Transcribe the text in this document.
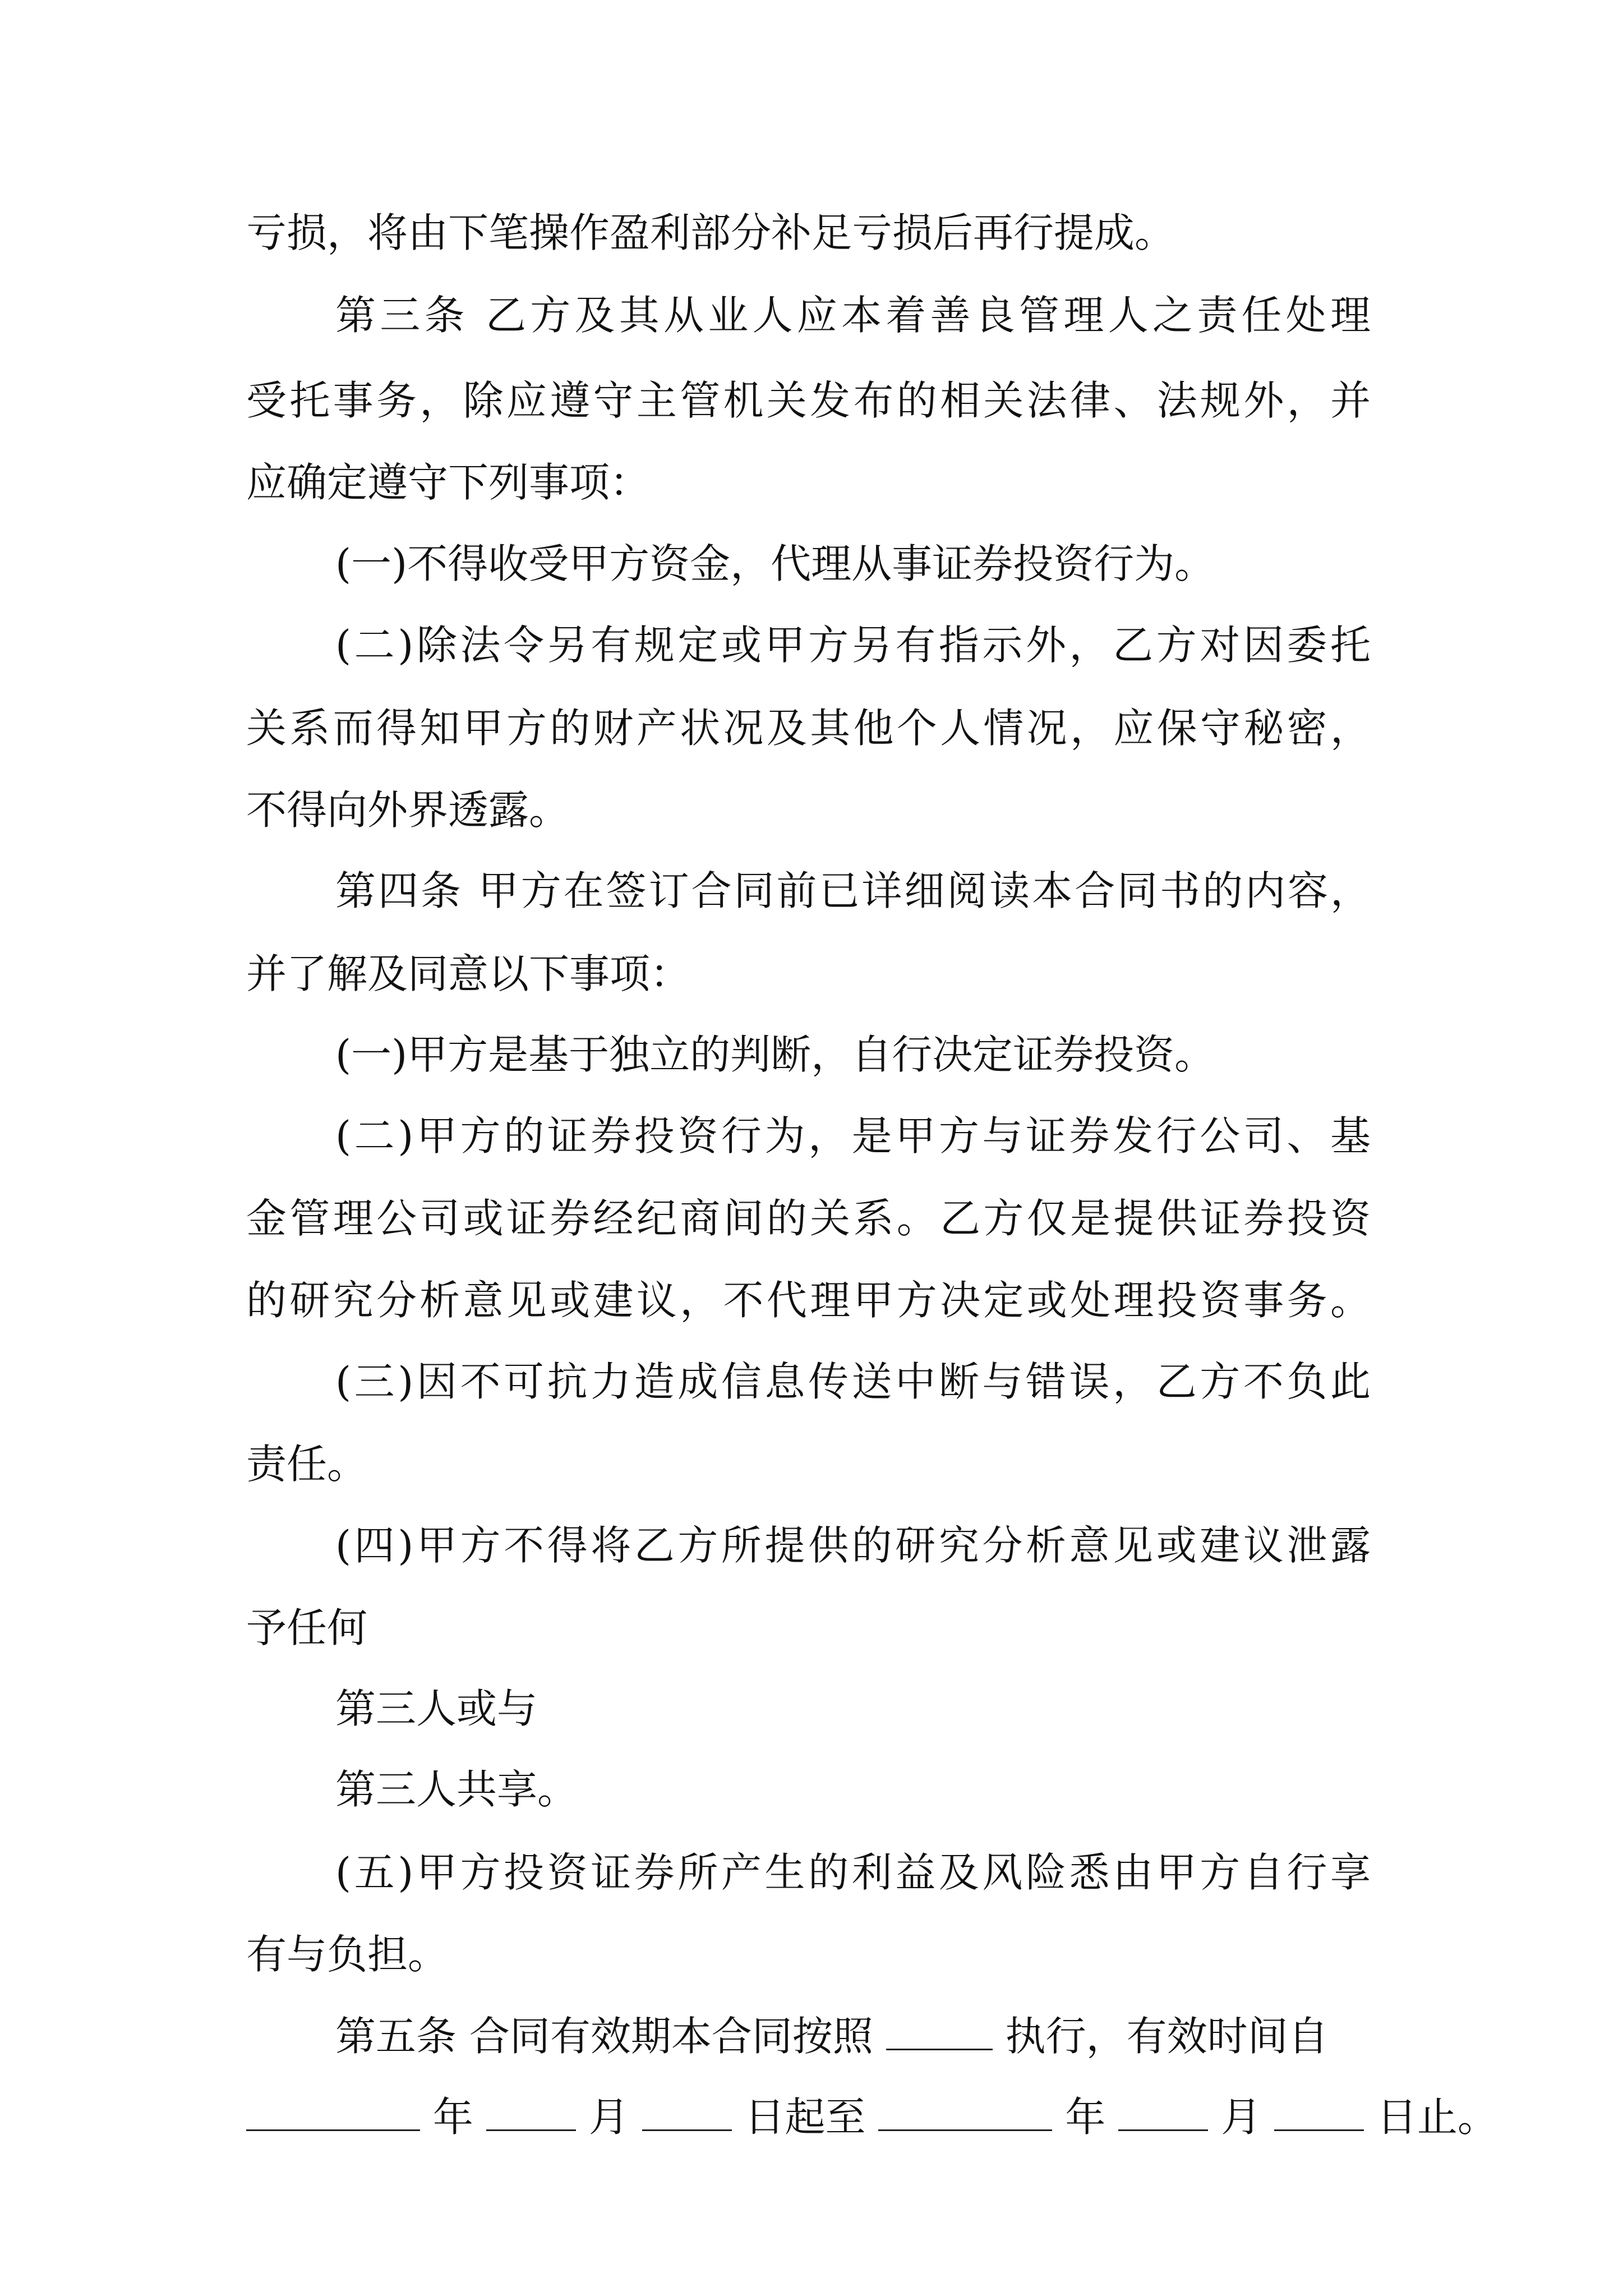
亏损，将由下笔操作盈利部分补足亏损后再行提成。
第三条 乙方及其从业人应本着善良管理人之责任处理
受托事务，除应遵守主管机关发布的相关法律、法规外，并
应确定遵守下列事项：
(一)不得收受甲方资金，代理从事证券投资行为。
(二)除法令另有规定或甲方另有指示外，乙方对因委托
关系而得知甲方的财产状况及其他个人情况，应保守秘密，
不得向外界透露。
第四条 甲方在签订合同前已详细阅读本合同书的内容，
并了解及同意以下事项：
(一)甲方是基于独立的判断，自行决定证券投资。
(二)甲方的证券投资行为，是甲方与证券发行公司、基
金管理公司或证券经纪商间的关系。乙方仅是提供证券投资
的研究分析意见或建议，不代理甲方决定或处理投资事务。
(三)因不可抗力造成信息传送中断与错误，乙方不负此
责任。
(四)甲方不得将乙方所提供的研究分析意见或建议泄露
予任何
第三人或与
第三人共享。
(五)甲方投资证券所产生的利益及风险悉由甲方自行享
有与负担。
第五条 合同有效期本合同按照	执行，有效时间自
年	月	日起至	年	月	日止。
